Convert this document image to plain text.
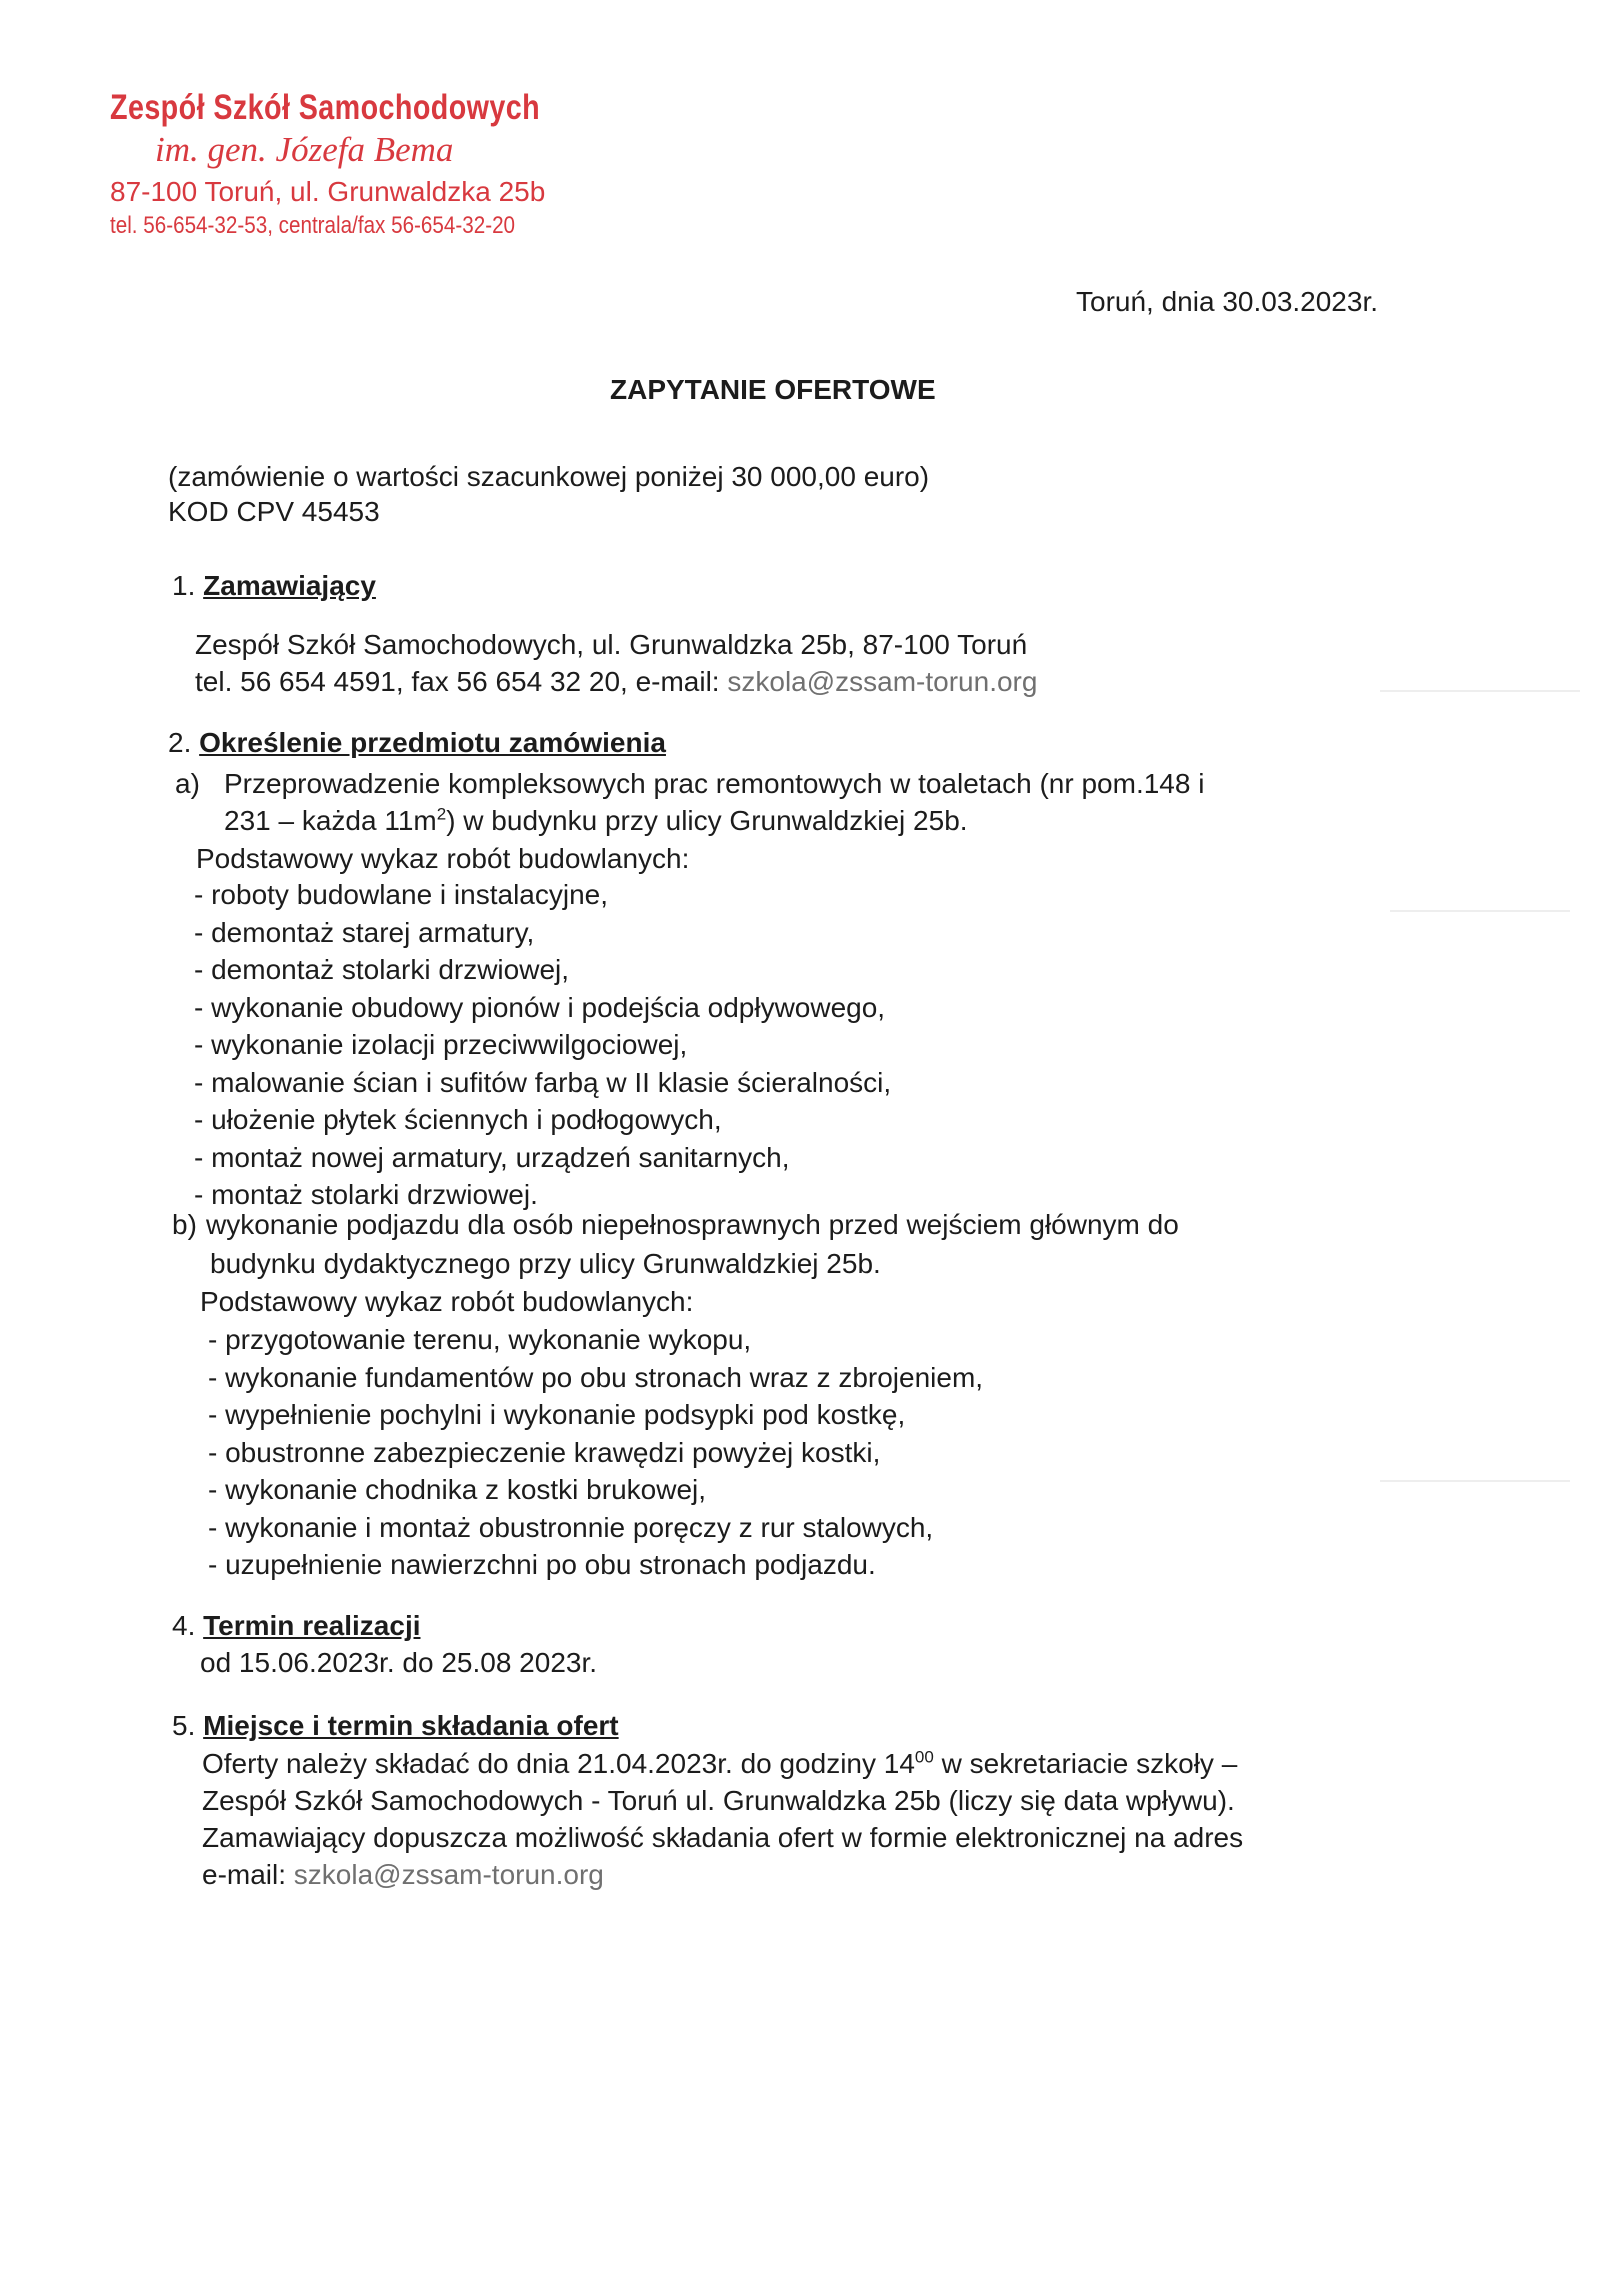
Zespół Szkół Samochodowych
im. gen. Józefa Bema
87-100 Toruń, ul. Grunwaldzka 25b
tel. 56-654-32-53, centrala/fax 56-654-32-20
Toruń, dnia 30.03.2023r.
ZAPYTANIE OFERTOWE
(zamówienie o wartości szacunkowej poniżej 30 000,00 euro)
KOD CPV 45453
1. Zamawiający
Zespół Szkół Samochodowych, ul. Grunwaldzka 25b, 87-100 Toruń
tel. 56 654 4591, fax 56 654 32 20, e-mail: szkola@zssam-torun.org
2. Określenie przedmiotu zamówienia
a) Przeprowadzenie kompleksowych prac remontowych w toaletach (nr pom.148 i
231 – każda $11m^2$) w budynku przy ulicy Grunwaldzkiej 25b.
Podstawowy wykaz robót budowlanych:
- roboty budowlane i instalacyjne,
- demontaż starej armatury,
- demontaż stolarki drzwiowej,
- wykonanie obudowy pionów i podejścia odpływowego,
- wykonanie izolacji przeciwwilgociowej,
- malowanie ścian i sufitów farbą w II klasie ścieralności,
- ułożenie płytek ściennych i podłogowych,
- montaż nowej armatury, urządzeń sanitarnych,
- montaż stolarki drzwiowej.
b) wykonanie podjazdu dla osób niepełnosprawnych przed wejściem głównym do
budynku dydaktycznego przy ulicy Grunwaldzkiej 25b.
Podstawowy wykaz robót budowlanych:
- przygotowanie terenu, wykonanie wykopu,
- wykonanie fundamentów po obu stronach wraz z zbrojeniem,
- wypełnienie pochylni i wykonanie podsypki pod kostkę,
- obustronne zabezpieczenie krawędzi powyżej kostki,
- wykonanie chodnika z kostki brukowej,
- wykonanie i montaż obustronnie poręczy z rur stalowych,
- uzupełnienie nawierzchni po obu stronach podjazdu.
4. Termin realizacji
od 15.06.2023r. do 25.08 2023r.
5. Miejsce i termin składania ofert
Oferty należy składać do dnia 21.04.2023r. do godziny $14^{00}$ w sekretariacie szkoły –
Zespół Szkół Samochodowych - Toruń ul. Grunwaldzka 25b (liczy się data wpływu).
Zamawiający dopuszcza możliwość składania ofert w formie elektronicznej na adres
e-mail: szkola@zssam-torun.org
